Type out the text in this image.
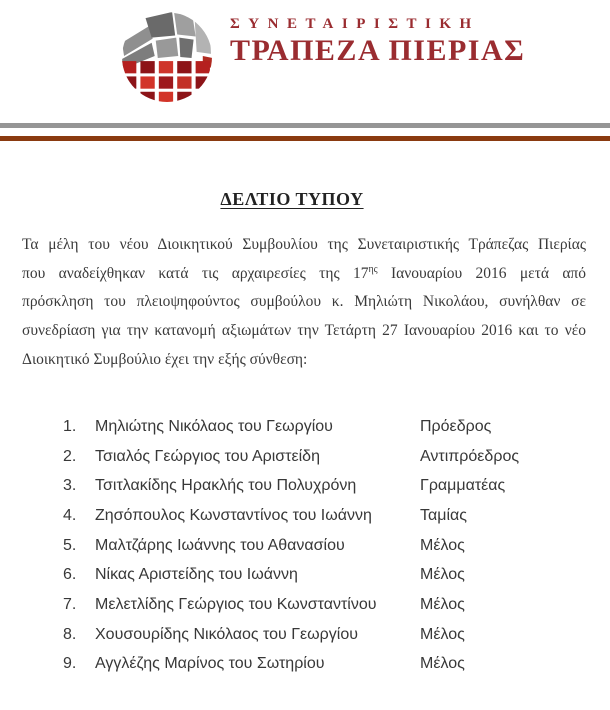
ΣΥΝΕΤΑΙΡΙΣΤΙΚΗ
ΤΡΑΠΕΖΑ ΠΙΕΡΙΑΣ
ΔΕΛΤΙΟ ΤΥΠΟΥ
Τα μέλη του νέου Διοικητικού Συμβουλίου της Συνεταιριστικής Τράπεζας Πιερίας
που αναδείχθηκαν κατά τις αρχαιρεσίες της $17^{\eta\varsigma}$ Ιανουαρίου 2016 μετά από
πρόσκληση του πλειοψηφούντος συμβούλου κ. Μηλιώτη Νικολάου, συνήλθαν σε
συνεδρίαση για την κατανομή αξιωμάτων την Τετάρτη 27 Ιανουαρίου 2016 και το νέο
Διοικητικό Συμβούλιο έχει την εξής σύνθεση:
1.	Μηλιώτης Νικόλαος του Γεωργίου	Πρόεδρος
2.	Τσιαλός Γεώργιος του Αριστείδη	Αντιπρόεδρος
3.	Τσιτλακίδης Ηρακλής του Πολυχρόνη	Γραμματέας
4.	Ζησόπουλος Κωνσταντίνος του Ιωάννη	Ταμίας
5.	Μαλτζάρης Ιωάννης του Αθανασίου	Μέλος
6.	Νίκας Αριστείδης του Ιωάννη	Μέλος
7.	Μελετλίδης Γεώργιος του Κωνσταντίνου	Μέλος
8.	Χουσουρίδης Νικόλαος του Γεωργίου	Μέλος
9.	Αγγλέζης Μαρίνος του Σωτηρίου	Μέλος
